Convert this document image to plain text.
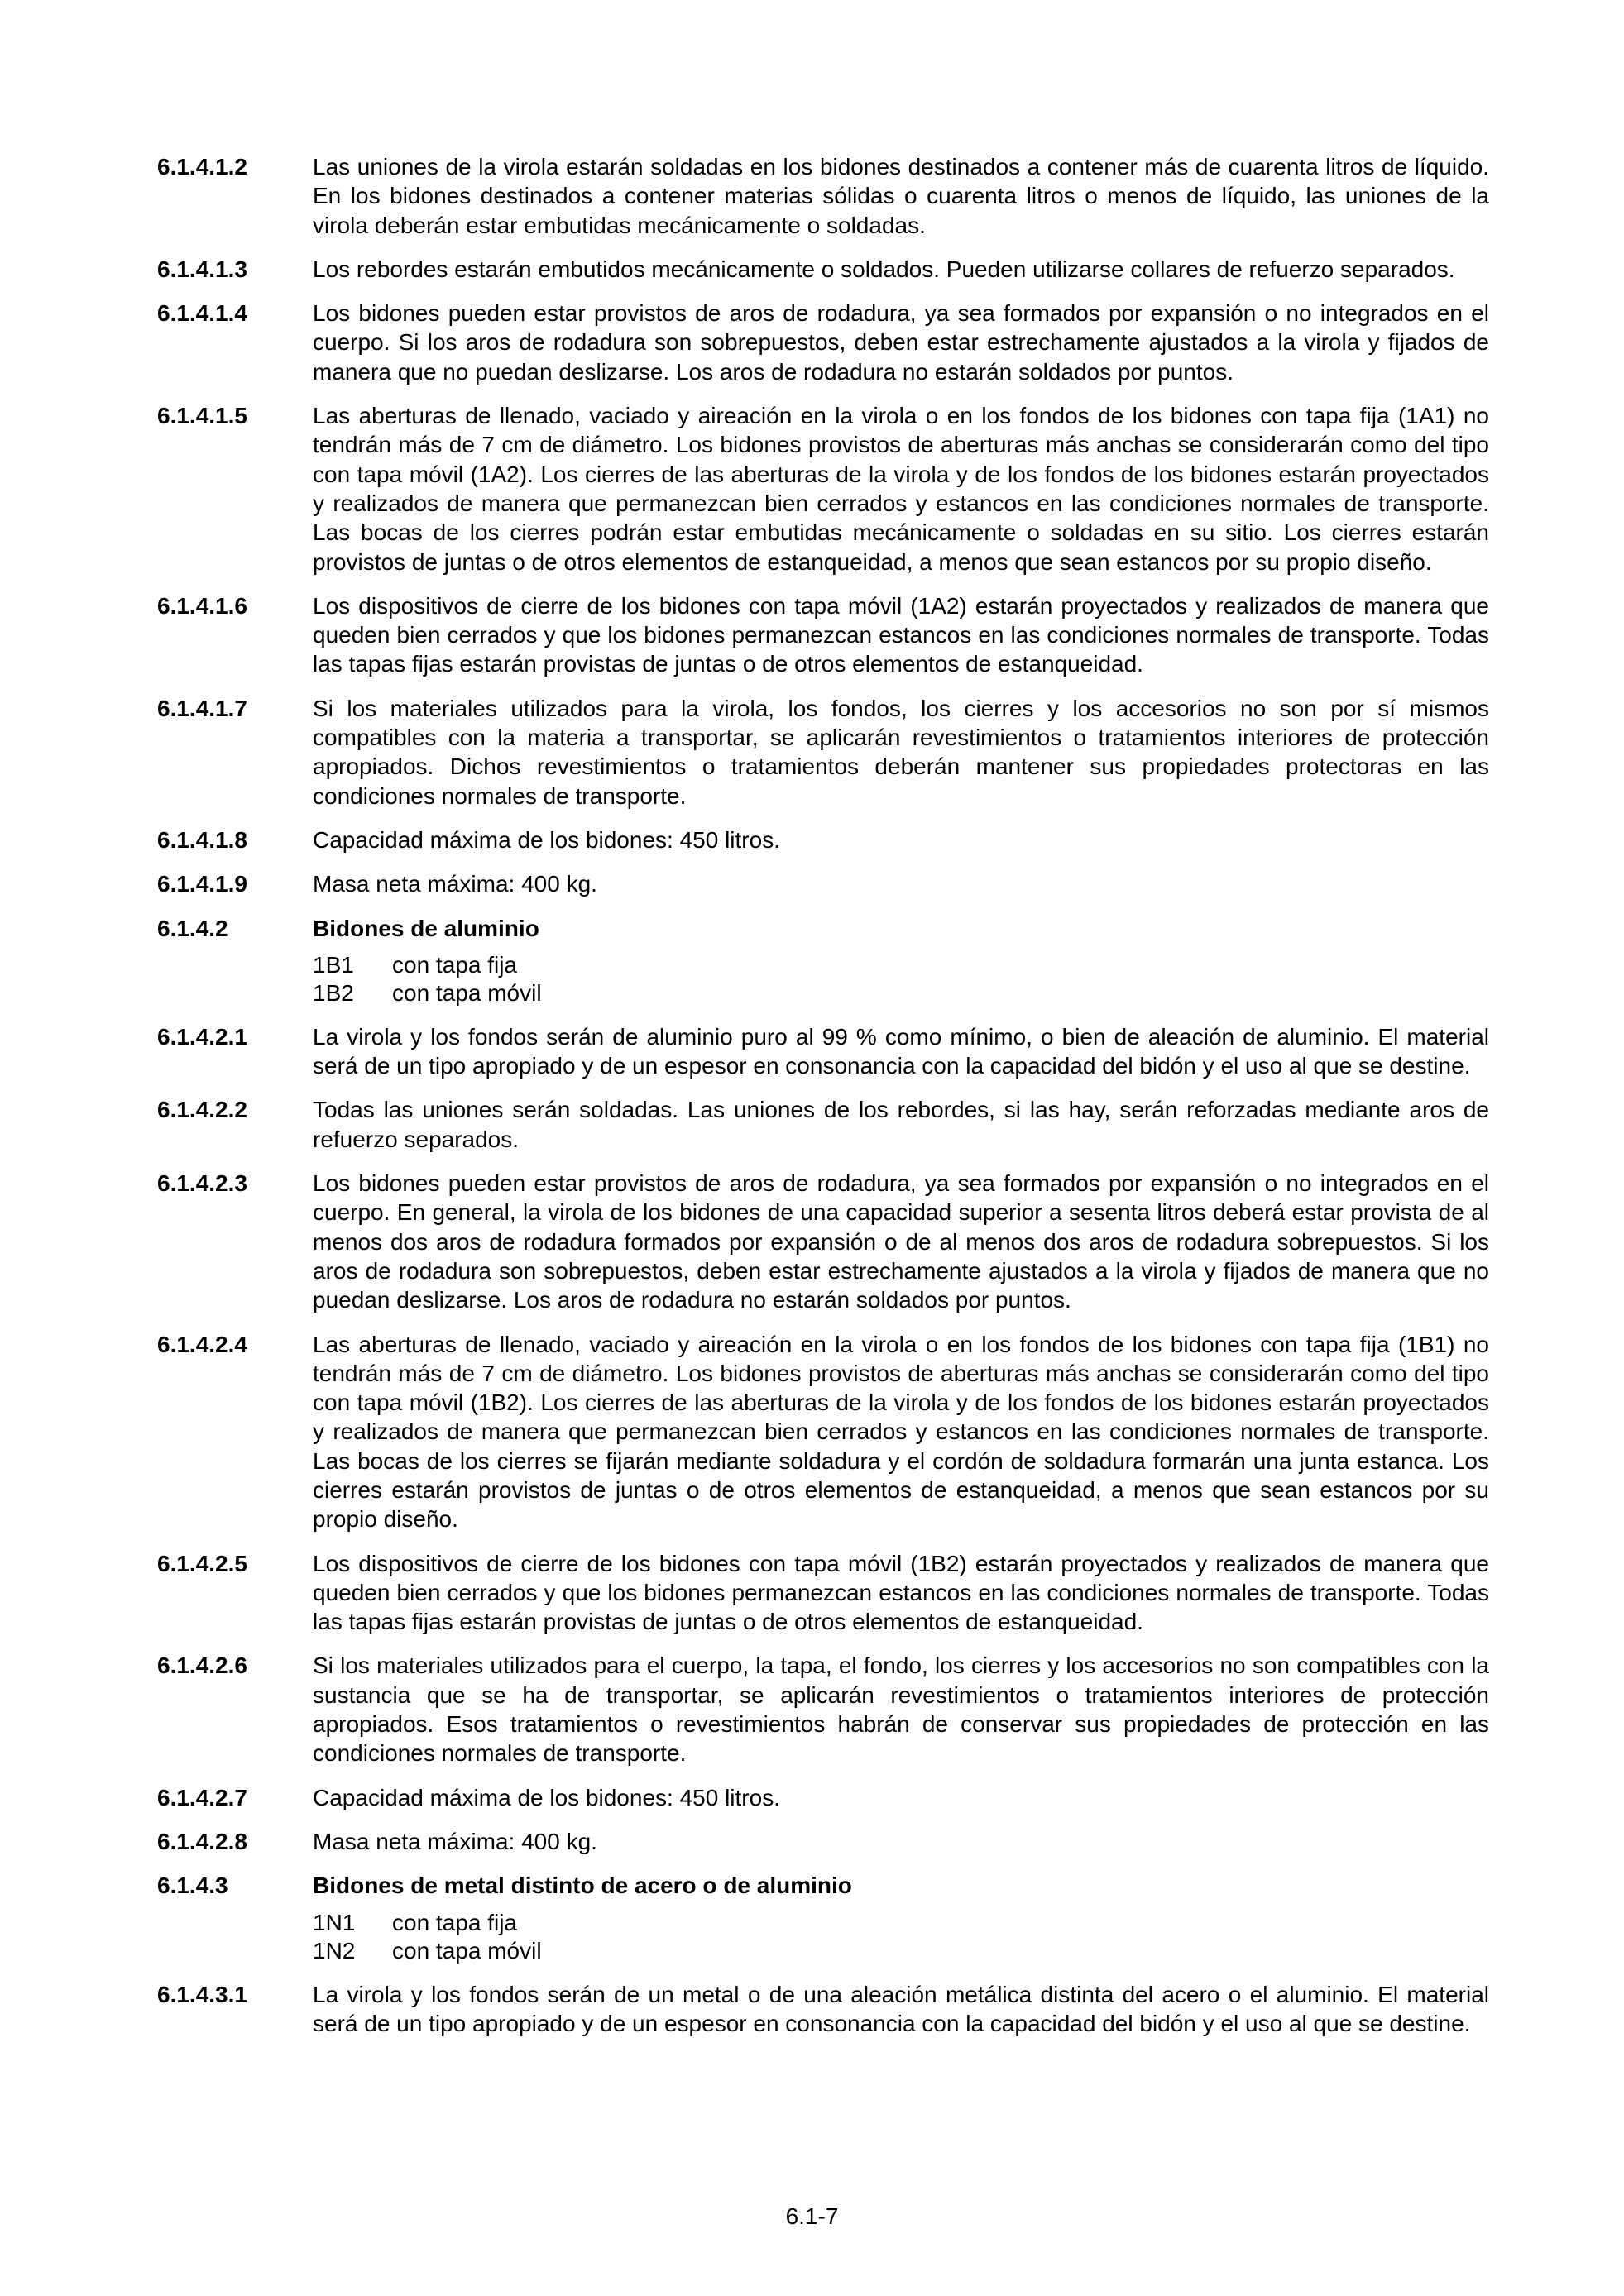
6.1.4.1.2	Las uniones de la virola estarán soldadas en los bidones destinados a contener más de cuarenta litros de líquido. En los bidones destinados a contener materias sólidas o cuarenta litros o menos de líquido, las uniones de la virola deberán estar embutidas mecánicamente o soldadas.
6.1.4.1.3	Los rebordes estarán embutidos mecánicamente o soldados. Pueden utilizarse collares de refuerzo separados.
6.1.4.1.4	Los bidones pueden estar provistos de aros de rodadura, ya sea formados por expansión o no integrados en el cuerpo. Si los aros de rodadura son sobrepuestos, deben estar estrechamente ajustados a la virola y fijados de manera que no puedan deslizarse. Los aros de rodadura no estarán soldados por puntos.
6.1.4.1.5	Las aberturas de llenado, vaciado y aireación en la virola o en los fondos de los bidones con tapa fija (1A1) no tendrán más de 7 cm de diámetro. Los bidones provistos de aberturas más anchas se considerarán como del tipo con tapa móvil (1A2). Los cierres de las aberturas de la virola y de los fondos de los bidones estarán proyectados y realizados de manera que permanezcan bien cerrados y estancos en las condiciones normales de transporte. Las bocas de los cierres podrán estar embutidas mecánicamente o soldadas en su sitio. Los cierres estarán provistos de juntas o de otros elementos de estanqueidad, a menos que sean estancos por su propio diseño.
6.1.4.1.6	Los dispositivos de cierre de los bidones con tapa móvil (1A2) estarán proyectados y realizados de manera que queden bien cerrados y que los bidones permanezcan estancos en las condiciones normales de transporte. Todas las tapas fijas estarán provistas de juntas o de otros elementos de estanqueidad.
6.1.4.1.7	Si los materiales utilizados para la virola, los fondos, los cierres y los accesorios no son por sí mismos compatibles con la materia a transportar, se aplicarán revestimientos o tratamientos interiores de protección apropiados. Dichos revestimientos o tratamientos deberán mantener sus propiedades protectoras en las condiciones normales de transporte.
6.1.4.1.8	Capacidad máxima de los bidones: 450 litros.
6.1.4.1.9	Masa neta máxima: 400 kg.
6.1.4.2	Bidones de aluminio
1B1	con tapa fija
1B2	con tapa móvil
6.1.4.2.1	La virola y los fondos serán de aluminio puro al 99 % como mínimo, o bien de aleación de aluminio. El material será de un tipo apropiado y de un espesor en consonancia con la capacidad del bidón y el uso al que se destine.
6.1.4.2.2	Todas las uniones serán soldadas. Las uniones de los rebordes, si las hay, serán reforzadas mediante aros de refuerzo separados.
6.1.4.2.3	Los bidones pueden estar provistos de aros de rodadura, ya sea formados por expansión o no integrados en el cuerpo. En general, la virola de los bidones de una capacidad superior a sesenta litros deberá estar provista de al menos dos aros de rodadura formados por expansión o de al menos dos aros de rodadura sobrepuestos. Si los aros de rodadura son sobrepuestos, deben estar estrechamente ajustados a la virola y fijados de manera que no puedan deslizarse. Los aros de rodadura no estarán soldados por puntos.
6.1.4.2.4	Las aberturas de llenado, vaciado y aireación en la virola o en los fondos de los bidones con tapa fija (1B1) no tendrán más de 7 cm de diámetro. Los bidones provistos de aberturas más anchas se considerarán como del tipo con tapa móvil (1B2). Los cierres de las aberturas de la virola y de los fondos de los bidones estarán proyectados y realizados de manera que permanezcan bien cerrados y estancos en las condiciones normales de transporte. Las bocas de los cierres se fijarán mediante soldadura y el cordón de soldadura formarán una junta estanca. Los cierres estarán provistos de juntas o de otros elementos de estanqueidad, a menos que sean estancos por su propio diseño.
6.1.4.2.5	Los dispositivos de cierre de los bidones con tapa móvil (1B2) estarán proyectados y realizados de manera que queden bien cerrados y que los bidones permanezcan estancos en las condiciones normales de transporte. Todas las tapas fijas estarán provistas de juntas o de otros elementos de estanqueidad.
6.1.4.2.6	Si los materiales utilizados para el cuerpo, la tapa, el fondo, los cierres y los accesorios no son compatibles con la sustancia que se ha de transportar, se aplicarán revestimientos o tratamientos interiores de protección apropiados. Esos tratamientos o revestimientos habrán de conservar sus propiedades de protección en las condiciones normales de transporte.
6.1.4.2.7	Capacidad máxima de los bidones: 450 litros.
6.1.4.2.8	Masa neta máxima: 400 kg.
6.1.4.3	Bidones de metal distinto de acero o de aluminio
1N1	con tapa fija
1N2	con tapa móvil
6.1.4.3.1	La virola y los fondos serán de un metal o de una aleación metálica distinta del acero o el aluminio. El material será de un tipo apropiado y de un espesor en consonancia con la capacidad del bidón y el uso al que se destine.
6.1-7
